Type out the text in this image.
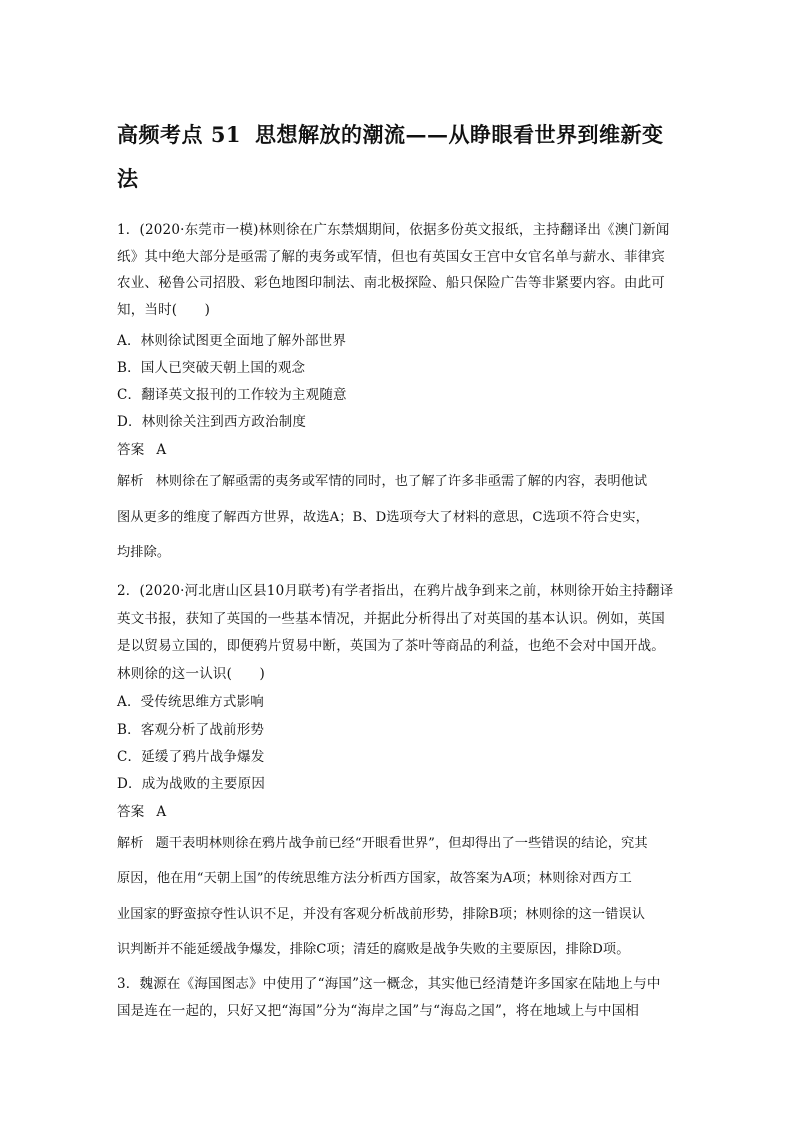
高频考点 51 思想解放的潮流——从睁眼看世界到维新变
法
1．(2020·东莞市一模)林则徐在广东禁烟期间，依据多份英文报纸，主持翻译出《澳门新闻
纸》其中绝大部分是亟需了解的夷务或军情，但也有英国女王宫中女官名单与薪水、菲律宾
农业、秘鲁公司招股、彩色地图印制法、南北极探险、船只保险广告等非紧要内容。由此可
知，当时(　　)
A．林则徐试图更全面地了解外部世界
B．国人已突破天朝上国的观念
C．翻译英文报刊的工作较为主观随意
D．林则徐关注到西方政治制度
答案 A
解析 林则徐在了解亟需的夷务或军情的同时，也了解了许多非亟需了解的内容，表明他试
图从更多的维度了解西方世界，故选A；B、D选项夸大了材料的意思，C选项不符合史实，
均排除。
2．(2020·河北唐山区县10月联考)有学者指出，在鸦片战争到来之前，林则徐开始主持翻译
英文书报，获知了英国的一些基本情况，并据此分析得出了对英国的基本认识。例如，英国
是以贸易立国的，即便鸦片贸易中断，英国为了茶叶等商品的利益，也绝不会对中国开战。
林则徐的这一认识(　　)
A．受传统思维方式影响
B．客观分析了战前形势
C．延缓了鸦片战争爆发
D．成为战败的主要原因
答案 A
解析 题干表明林则徐在鸦片战争前已经“开眼看世界”，但却得出了一些错误的结论，究其
原因，他在用“天朝上国”的传统思维方法分析西方国家，故答案为A项；林则徐对西方工
业国家的野蛮掠夺性认识不足，并没有客观分析战前形势，排除B项；林则徐的这一错误认
识判断并不能延缓战争爆发，排除C项；清廷的腐败是战争失败的主要原因，排除D项。
3．魏源在《海国图志》中使用了“海国”这一概念，其实他已经清楚许多国家在陆地上与中
国是连在一起的，只好又把“海国”分为“海岸之国”与“海岛之国”，将在地域上与中国相
